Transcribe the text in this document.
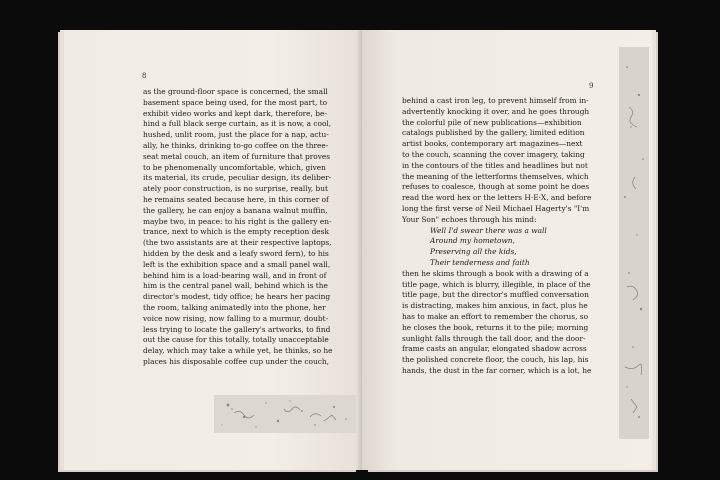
8
as the ground-floor space is concerned, the small
basement space being used, for the most part, to
exhibit video works and kept dark, therefore, be-
hind a full black serge curtain, as it is now, a cool,
hushed, unlit room, just the place for a nap, actu-
ally, he thinks, drinking to-go coffee on the three-
seat metal couch, an item of furniture that proves
to be phenomenally uncomfortable, which, given
its material, its crude, peculiar design, its deliber-
ately poor construction, is no surprise, really, but
he remains seated because here, in this corner of
the gallery, he can enjoy a banana walnut muffin,
maybe two, in peace: to his right is the gallery en-
trance, next to which is the empty reception desk
(the two assistants are at their respective laptops,
hidden by the desk and a leafy sword fern), to his
left is the exhibition space and a small panel wall,
behind him is a load-bearing wall, and in front of
him is the central panel wall, behind which is the
director's modest, tidy office; he hears her pacing
the room, talking animatedly into the phone, her
voice now rising, now falling to a murmur, doubt-
less trying to locate the gallery's artworks, to find
out the cause for this totally, totally unacceptable
delay, which may take a while yet, he thinks, so he
places his disposable coffee cup under the couch,
9
behind a cast iron leg, to prevent himself from in-
advertently knocking it over, and he goes through
the colorful pile of new publications—exhibition
catalogs published by the gallery, limited edition
artist books, contemporary art magazines—next
to the couch, scanning the cover imagery, taking
in the contours of the titles and headlines but not
the meaning of the letterforms themselves, which
refuses to coalesce, though at some point he does
read the word hex or the letters H·E·X, and before
long the first verse of Neil Michael Hagerty's "I'm
Your Son" echoes through his mind:
Well I'd swear there was a wall
Around my hometown,
Preserving all the kids,
Their tenderness and faith
then he skims through a book with a drawing of a
title page, which is blurry, illegible, in place of the
title page, but the director's muffled conversation
is distracting, makes him anxious, in fact, plus he
has to make an effort to remember the chorus, so
he closes the book, returns it to the pile; morning
sunlight falls through the tall door, and the door-
frame casts an angular, elongated shadow across
the polished concrete floor, the couch, his lap, his
hands, the dust in the far corner, which is a lot, he
